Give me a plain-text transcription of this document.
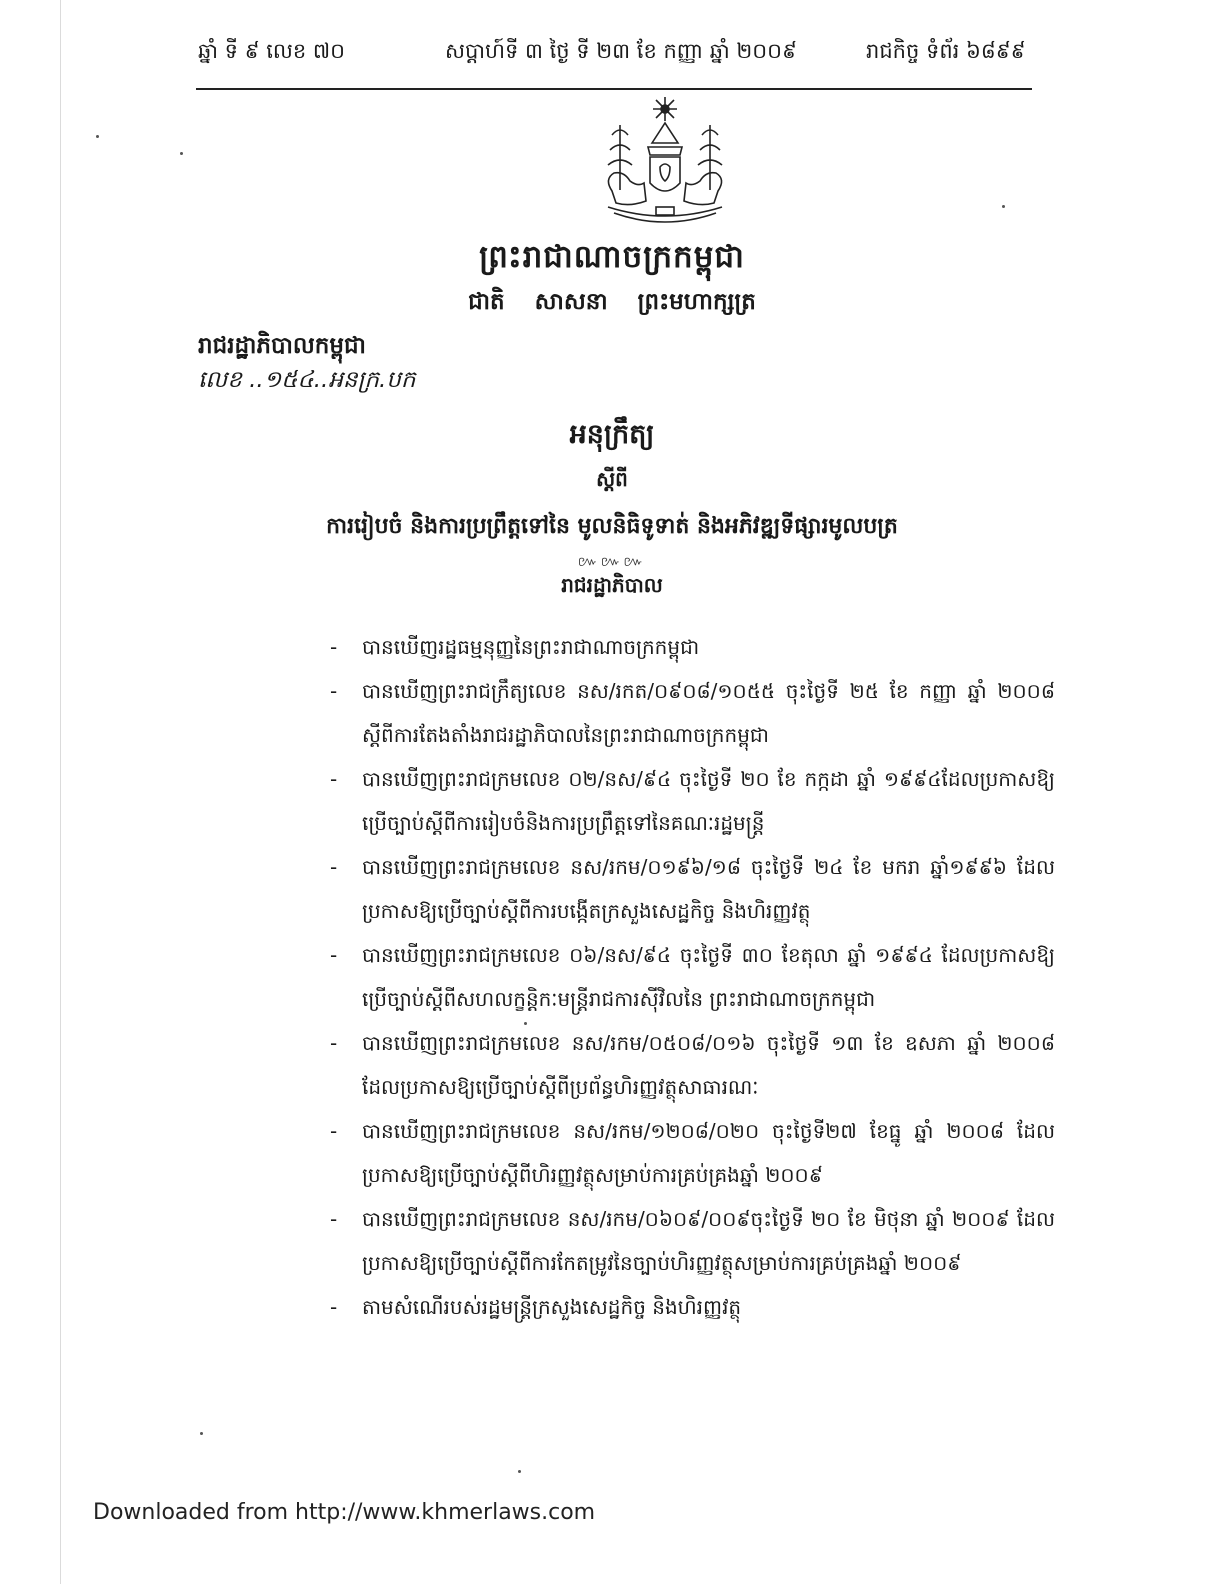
ឆ្នាំ ទី ៩ លេខ ៧០	សប្តាហ៍ទី ៣ ថ្ងៃ ទី ២៣ ខែ កញ្ញា ឆ្នាំ ២០០៩	រាជកិច្ច ទំព័រ ៦៨៩៩
ព្រះរាជាណាចក្រកម្ពុជា
ជាតិ សាសនា ព្រះមហាក្សត្រ
រាជរដ្ឋាភិបាលកម្ពុជា
លេខ ..១៥៤..អនក្រ.បក
អនុក្រឹត្យ
ស្តីពី
ការរៀបចំ និងការប្រព្រឹត្តទៅនៃ មូលនិធិទូទាត់ និងអភិវឌ្ឍទីផ្សារមូលបត្រ
៚៚៚
រាជរដ្ឋាភិបាល
- បានឃើញរដ្ឋធម្មនុញ្ញនៃព្រះរាជាណាចក្រកម្ពុជា
- បានឃើញព្រះរាជក្រឹត្យលេខ នស/រកត/០៩០៨/១០៥៥ ចុះថ្ងៃទី ២៥ ខែ កញ្ញា ឆ្នាំ ២០០៨ ស្តីពីការតែងតាំងរាជរដ្ឋាភិបាលនៃព្រះរាជាណាចក្រកម្ពុជា
- បានឃើញព្រះរាជក្រមលេខ ០២/នស/៩៤ ចុះថ្ងៃទី ២០ ខែ កក្កដា ឆ្នាំ ១៩៩៤ដែលប្រកាសឱ្យប្រើច្បាប់ស្តីពីការរៀបចំនិងការប្រព្រឹត្តទៅនៃគណៈរដ្ឋមន្ត្រី
- បានឃើញព្រះរាជក្រមលេខ នស/រកម/០១៩៦/១៨ ចុះថ្ងៃទី ២៤ ខែ មករា ឆ្នាំ១៩៩៦ ដែលប្រកាសឱ្យប្រើច្បាប់ស្តីពីការបង្កើតក្រសួងសេដ្ឋកិច្ច និងហិរញ្ញវត្ថុ
- បានឃើញព្រះរាជក្រមលេខ ០៦/នស/៩៤ ចុះថ្ងៃទី ៣០ ខែតុលា ឆ្នាំ ១៩៩៤ ដែលប្រកាសឱ្យប្រើច្បាប់ស្តីពីសហលក្ខន្តិកៈមន្ត្រីរាជការស៊ីវិលនៃ ព្រះរាជាណាចក្រកម្ពុជា
- បានឃើញព្រះរាជក្រមលេខ នស/រកម/០៥០៨/០១៦ ចុះថ្ងៃទី ១៣ ខែ ឧសភា ឆ្នាំ ២០០៨ ដែលប្រកាសឱ្យប្រើច្បាប់ស្តីពីប្រព័ន្ធហិរញ្ញវត្ថុសាធារណៈ
- បានឃើញព្រះរាជក្រមលេខ នស/រកម/១២០៨/០២០ ចុះថ្ងៃទី២៧ ខែធ្នូ ឆ្នាំ ២០០៨ ដែលប្រកាសឱ្យប្រើច្បាប់ស្តីពីហិរញ្ញវត្ថុសម្រាប់ការគ្រប់គ្រងឆ្នាំ ២០០៩
- បានឃើញព្រះរាជក្រមលេខ នស/រកម/០៦០៩/០០៩ចុះថ្ងៃទី ២០ ខែ មិថុនា ឆ្នាំ ២០០៩ ដែលប្រកាសឱ្យប្រើច្បាប់ស្តីពីការកែតម្រូវនៃច្បាប់ហិរញ្ញវត្ថុសម្រាប់ការគ្រប់គ្រងឆ្នាំ ២០០៩
- តាមសំណើរបស់រដ្ឋមន្ត្រីក្រសួងសេដ្ឋកិច្ច និងហិរញ្ញវត្ថុ
Downloaded from http://www.khmerlaws.com
